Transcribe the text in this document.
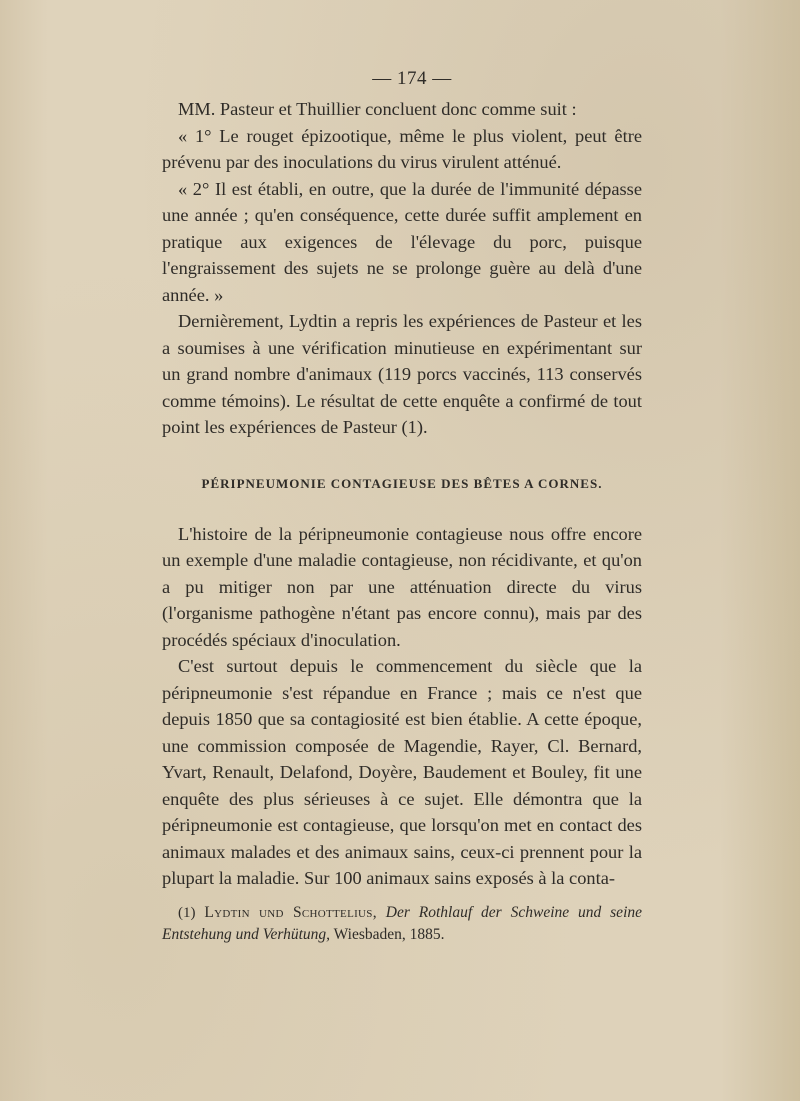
— 174 —

MM. Pasteur et Thuillier concluent donc comme suit :

« 1° Le rouget épizootique, même le plus violent, peut être prévenu par des inoculations du virus virulent atténué.

« 2° Il est établi, en outre, que la durée de l'immunité dépasse une année ; qu'en conséquence, cette durée suffit amplement en pratique aux exigences de l'élevage du porc, puisque l'engraissement des sujets ne se prolonge guère au delà d'une année. »

Dernièrement, Lydtin a repris les expériences de Pasteur et les a soumises à une vérification minutieuse en expérimentant sur un grand nombre d'animaux (119 porcs vaccinés, 113 conservés comme témoins). Le résultat de cette enquête a confirmé de tout point les expériences de Pasteur (1).

PÉRIPNEUMONIE CONTAGIEUSE DES BÊTES A CORNES.

L'histoire de la péripneumonie contagieuse nous offre encore un exemple d'une maladie contagieuse, non récidivante, et qu'on a pu mitiger non par une atténuation directe du virus (l'organisme pathogène n'étant pas encore connu), mais par des procédés spéciaux d'inoculation.

C'est surtout depuis le commencement du siècle que la péripneumonie s'est répandue en France ; mais ce n'est que depuis 1850 que sa contagiosité est bien établie. A cette époque, une commission composée de Magendie, Rayer, Cl. Bernard, Yvart, Renault, Delafond, Doyère, Baudement et Bouley, fit une enquête des plus sérieuses à ce sujet. Elle démontra que la péripneumonie est contagieuse, que lorsqu'on met en contact des animaux malades et des animaux sains, ceux-ci prennent pour la plupart la maladie. Sur 100 animaux sains exposés à la conta-

(1) Lydtin und Schottelius, Der Rothlauf der Schweine und seine Entstehung und Verhütung, Wiesbaden, 1885.
